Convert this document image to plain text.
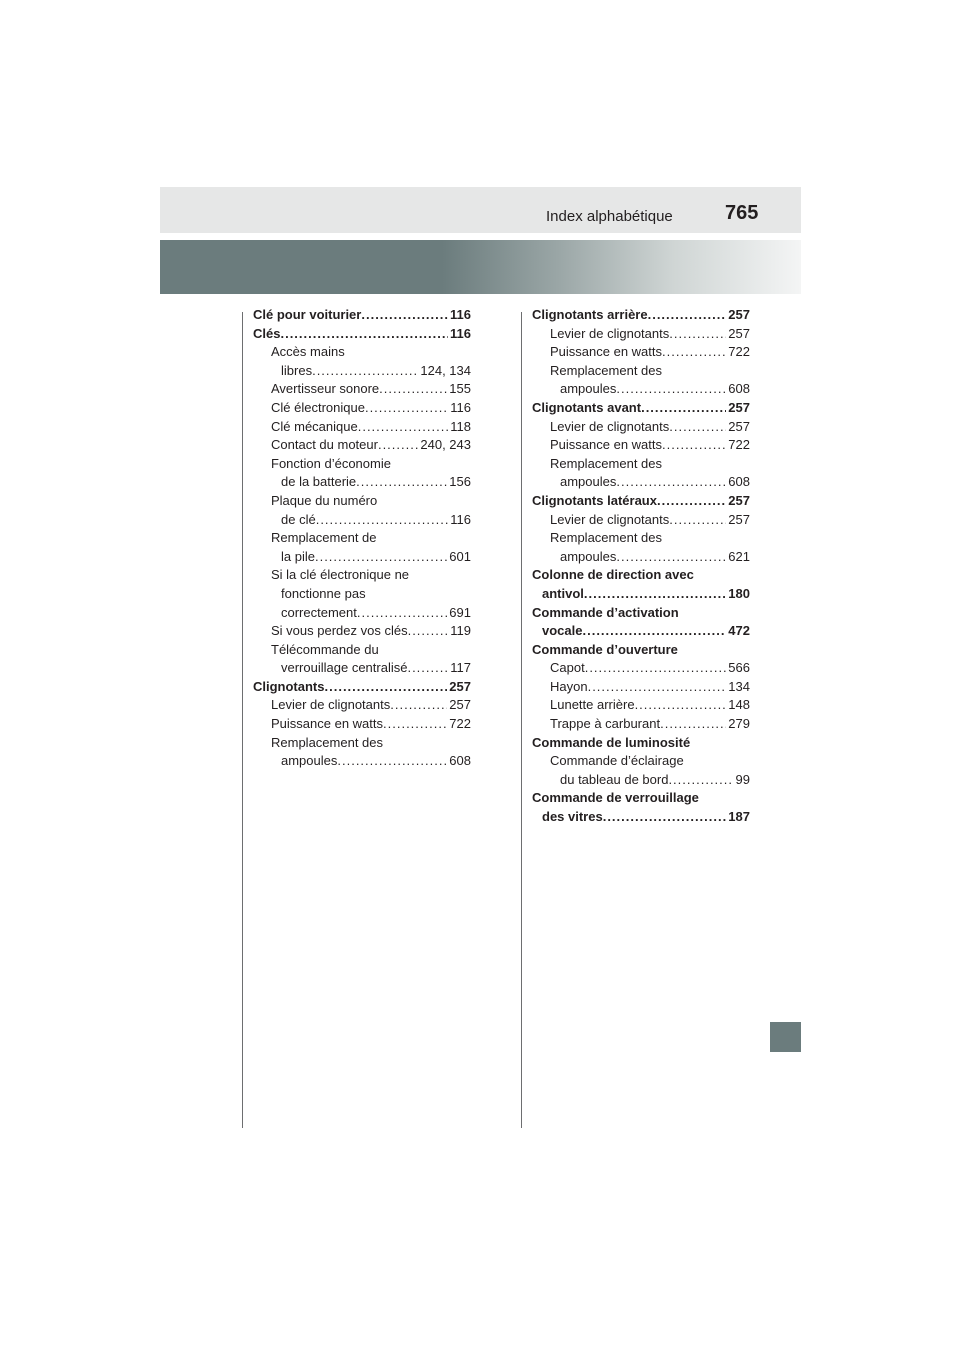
Index alphabétique	765
Clé pour voiturier .....	116
Clés .....	116
Accès mains
libres .....	124, 134
Avertisseur sonore .....	155
Clé électronique .....	116
Clé mécanique .....	118
Contact du moteur .....	240, 243
Fonction d’économie
de la batterie .....	156
Plaque du numéro
de clé .....	116
Remplacement de
la pile .....	601
Si la clé électronique ne
fonctionne pas
correctement .....	691
Si vous perdez vos clés .....	119
Télécommande du
verrouillage centralisé .....	117
Clignotants .....	257
Levier de clignotants .....	257
Puissance en watts .....	722
Remplacement des
ampoules .....	608
Clignotants arrière .....	257
Levier de clignotants .....	257
Puissance en watts .....	722
Remplacement des
ampoules .....	608
Clignotants avant .....	257
Levier de clignotants .....	257
Puissance en watts .....	722
Remplacement des
ampoules .....	608
Clignotants latéraux .....	257
Levier de clignotants .....	257
Remplacement des
ampoules .....	621
Colonne de direction avec
antivol .....	180
Commande d’activation
vocale .....	472
Commande d’ouverture
Capot .....	566
Hayon .....	134
Lunette arrière .....	148
Trappe à carburant .....	279
Commande de luminosité
Commande d’éclairage
du tableau de bord .....	99
Commande de verrouillage
des vitres .....	187
